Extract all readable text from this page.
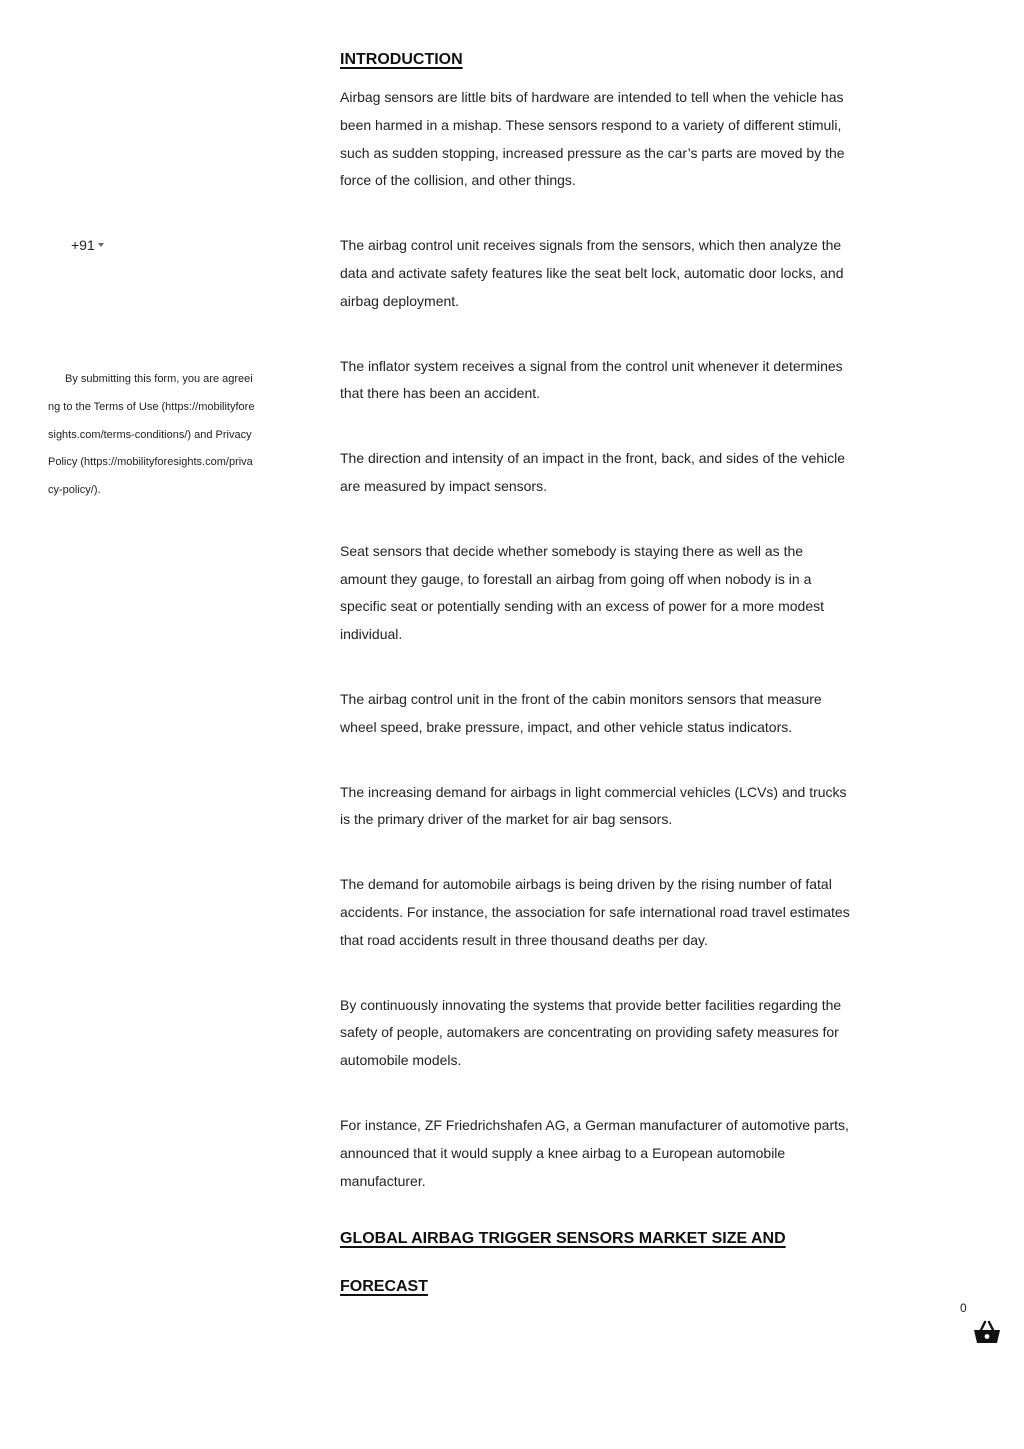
+91
By submitting this form, you are agreeing to the Terms of Use (https://mobilityforesights.com/terms-conditions/) and Privacy Policy (https://mobilityforesights.com/privacy-policy/).
INTRODUCTION

Airbag sensors are little bits of hardware are intended to tell when the vehicle has been harmed in a mishap. These sensors respond to a variety of different stimuli, such as sudden stopping, increased pressure as the car’s parts are moved by the force of the collision, and other things.

The airbag control unit receives signals from the sensors, which then analyze the data and activate safety features like the seat belt lock, automatic door locks, and airbag deployment.

The inflator system receives a signal from the control unit whenever it determines that there has been an accident.

The direction and intensity of an impact in the front, back, and sides of the vehicle are measured by impact sensors.

Seat sensors that decide whether somebody is staying there as well as the amount they gauge, to forestall an airbag from going off when nobody is in a specific seat or potentially sending with an excess of power for a more modest individual.

The airbag control unit in the front of the cabin monitors sensors that measure wheel speed, brake pressure, impact, and other vehicle status indicators.

The increasing demand for airbags in light commercial vehicles (LCVs) and trucks is the primary driver of the market for air bag sensors.

The demand for automobile airbags is being driven by the rising number of fatal accidents. For instance, the association for safe international road travel estimates that road accidents result in three thousand deaths per day.

By continuously innovating the systems that provide better facilities regarding the safety of people, automakers are concentrating on providing safety measures for automobile models.

For instance, ZF Friedrichshafen AG, a German manufacturer of automotive parts, announced that it would supply a knee airbag to a European automobile manufacturer.

GLOBAL AIRBAG TRIGGER SENSORS MARKET SIZE AND FORECAST
0
